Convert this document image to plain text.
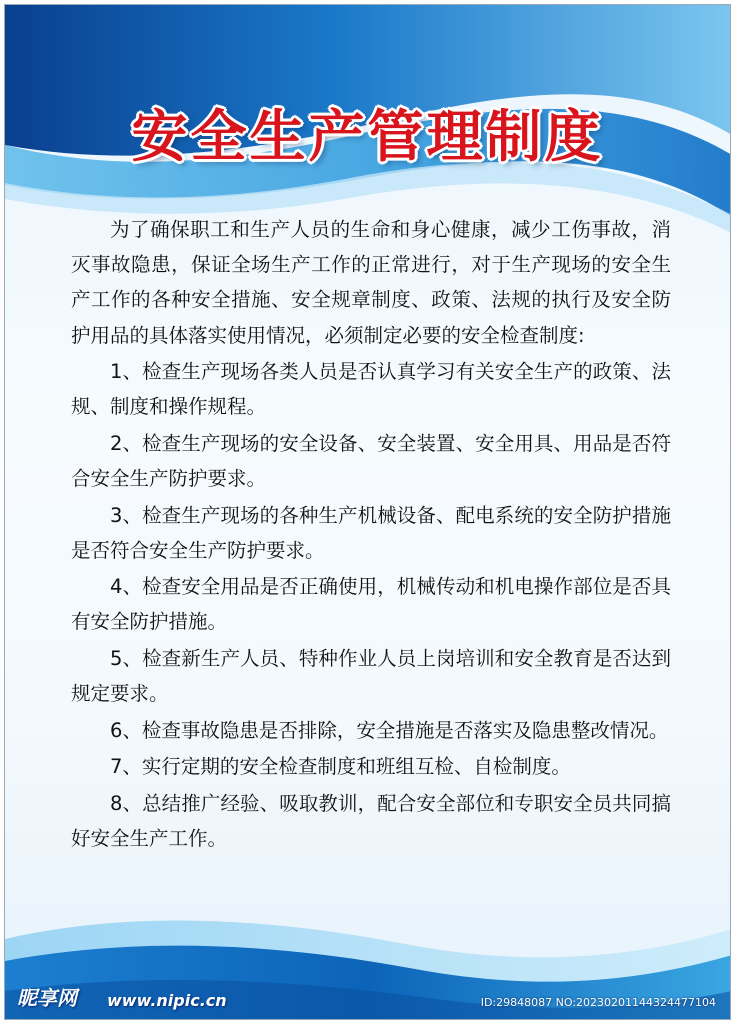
安全生产管理制度

为了确保职工和生产人员的生命和身心健康，减少工伤事故，消灭事故隐患，保证全场生产工作的正常进行，对于生产现场的安全生产工作的各种安全措施、安全规章制度、政策、法规的执行及安全防护用品的具体落实使用情况，必须制定必要的安全检查制度:

1、检查生产现场各类人员是否认真学习有关安全生产的政策、法规、制度和操作规程。

2、检查生产现场的安全设备、安全装置、安全用具、用品是否符合安全生产防护要求。

3、检查生产现场的各种生产机械设备、配电系统的安全防护措施是否符合安全生产防护要求。

4、检查安全用品是否正确使用，机械传动和机电操作部位是否具有安全防护措施。

5、检查新生产人员、特种作业人员上岗培训和安全教育是否达到规定要求。

6、检查事故隐患是否排除，安全措施是否落实及隐患整改情况。

7、实行定期的安全检查制度和班组互检、自检制度。

8、总结推广经验、吸取教训，配合安全部位和专职安全员共同搞好安全生产工作。

昵享网 www.nipic.cn	ID:29848087 NO:20230201144324477104
